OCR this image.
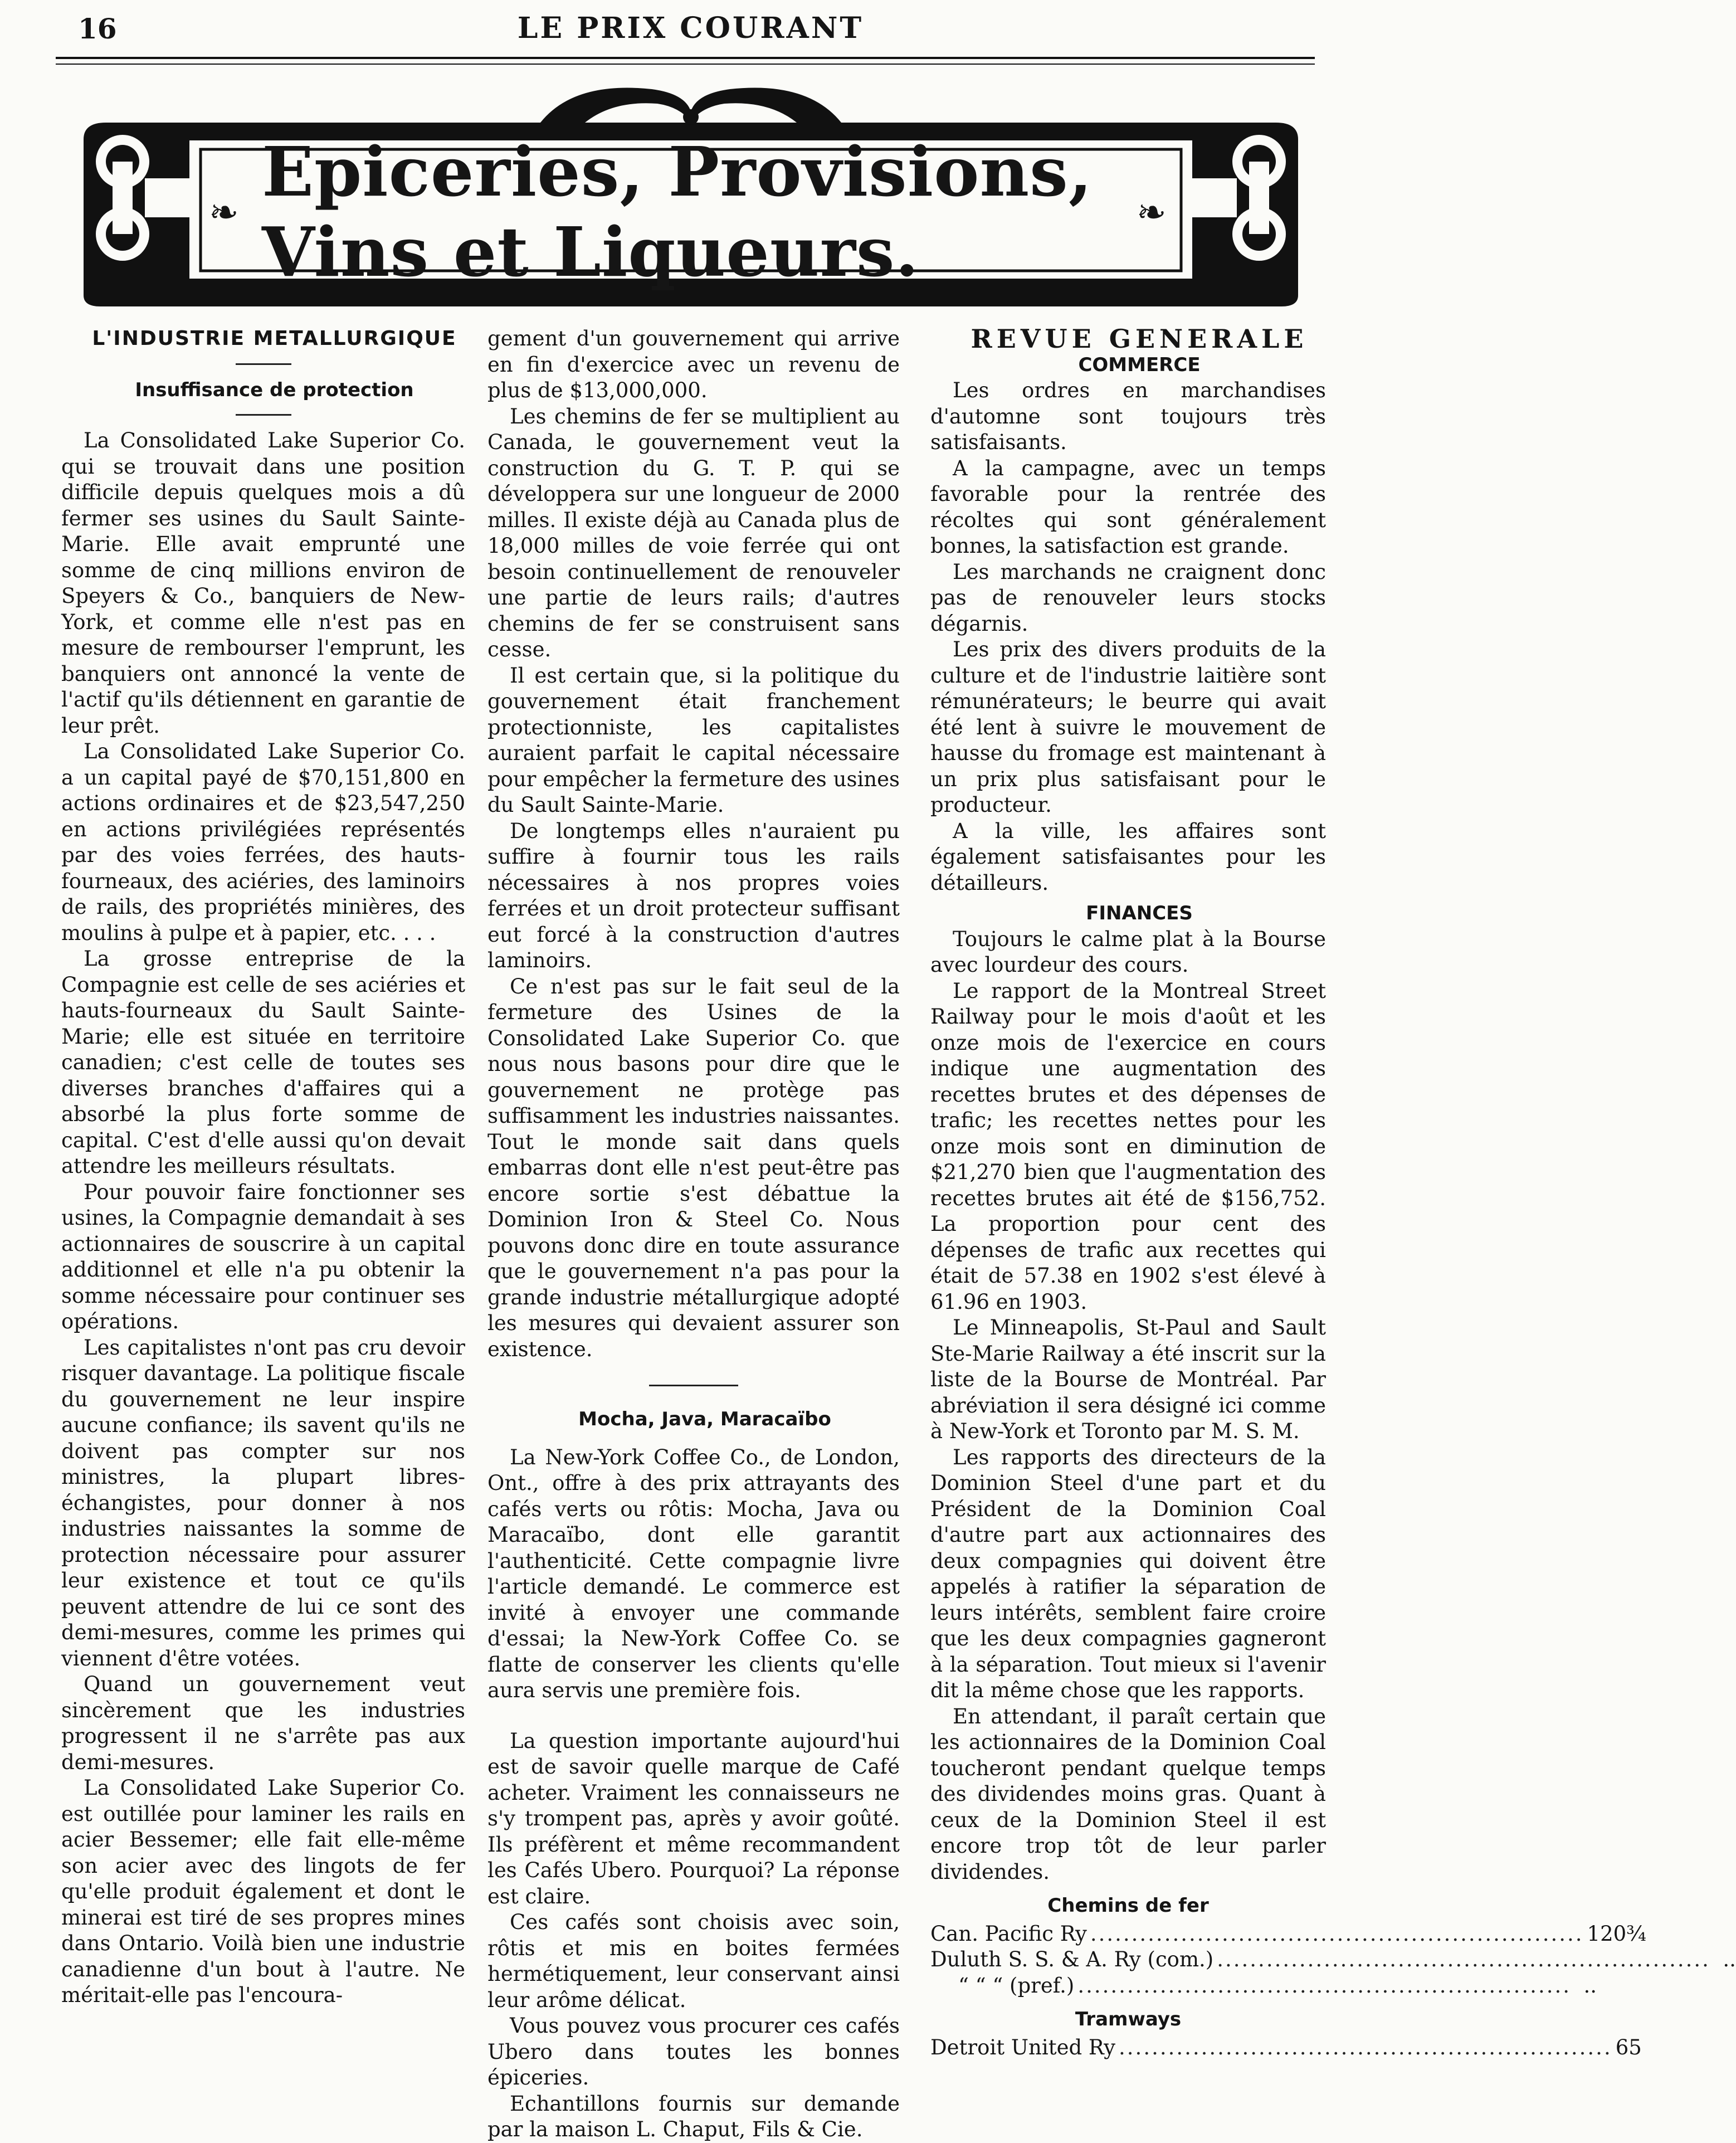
16	LE PRIX COURANT
❧
Epiceries, Provisions, Vins et Liqueurs.	❧

L'INDUSTRIE METALLURGIQUE

Insuffisance de protection

La Consolidated Lake Superior Co. qui se trouvait dans une position difficile depuis quelques mois a dû fermer ses usines du Sault Sainte-Marie. Elle avait emprunté une somme de cinq millions environ de Speyers & Co., banquiers de New-York, et comme elle n'est pas en mesure de rembourser l'emprunt, les banquiers ont annoncé la vente de l'actif qu'ils détiennent en garantie de leur prêt.

La Consolidated Lake Superior Co. a un capital payé de $70,151,800 en actions ordinaires et de $23,547,250 en actions privilégiées représentés par des voies ferrées, des hauts-fourneaux, des aciéries, des laminoirs de rails, des propriétés minières, des moulins à pulpe et à papier, etc. . . .

La grosse entreprise de la Compagnie est celle de ses aciéries et hauts-fourneaux du Sault Sainte-Marie; elle est située en territoire canadien; c'est celle de toutes ses diverses branches d'affaires qui a absorbé la plus forte somme de capital. C'est d'elle aussi qu'on devait attendre les meilleurs résultats.

Pour pouvoir faire fonctionner ses usines, la Compagnie demandait à ses actionnaires de souscrire à un capital additionnel et elle n'a pu obtenir la somme nécessaire pour continuer ses opérations.

Les capitalistes n'ont pas cru devoir risquer davantage. La politique fiscale du gouvernement ne leur inspire aucune confiance; ils savent qu'ils ne doivent pas compter sur nos ministres, la plupart libres-échangistes, pour donner à nos industries naissantes la somme de protection nécessaire pour assurer leur existence et tout ce qu'ils peuvent attendre de lui ce sont des demi-mesures, comme les primes qui viennent d'être votées.

Quand un gouvernement veut sincèrement que les industries progressent il ne s'arrête pas aux demi-mesures.

La Consolidated Lake Superior Co. est outillée pour laminer les rails en acier Bessemer; elle fait elle-même son acier avec des lingots de fer qu'elle produit également et dont le minerai est tiré de ses propres mines dans Ontario. Voilà bien une industrie canadienne d'un bout à l'autre. Ne méritait-elle pas l'encoura-

gement d'un gouvernement qui arrive en fin d'exercice avec un revenu de plus de $13,000,000.

Les chemins de fer se multiplient au Canada, le gouvernement veut la construction du G. T. P. qui se développera sur une longueur de 2000 milles. Il existe déjà au Canada plus de 18,000 milles de voie ferrée qui ont besoin continuellement de renouveler une partie de leurs rails; d'autres chemins de fer se construisent sans cesse.

Il est certain que, si la politique du gouvernement était franchement protectionniste, les capitalistes auraient parfait le capital nécessaire pour empêcher la fermeture des usines du Sault Sainte-Marie.

De longtemps elles n'auraient pu suffire à fournir tous les rails nécessaires à nos propres voies ferrées et un droit protecteur suffisant eut forcé à la construction d'autres laminoirs.

Ce n'est pas sur le fait seul de la fermeture des Usines de la Consolidated Lake Superior Co. que nous nous basons pour dire que le gouvernement ne protège pas suffisamment les industries naissantes. Tout le monde sait dans quels embarras dont elle n'est peut-être pas encore sortie s'est débattue la Dominion Iron & Steel Co. Nous pouvons donc dire en toute assurance que le gouvernement n'a pas pour la grande industrie métallurgique adopté les mesures qui devaient assurer son existence.

Mocha, Java, Maracaïbo

La New-York Coffee Co., de London, Ont., offre à des prix attrayants des cafés verts ou rôtis: Mocha, Java ou Maracaïbo, dont elle garantit l'authenticité. Cette compagnie livre l'article demandé. Le commerce est invité à envoyer une commande d'essai; la New-York Coffee Co. se flatte de conserver les clients qu'elle aura servis une première fois.

La question importante aujourd'hui est de savoir quelle marque de Café acheter. Vraiment les connaisseurs ne s'y trompent pas, après y avoir goûté. Ils préfèrent et même recommandent les Cafés Ubero. Pourquoi? La réponse est claire.

Ces cafés sont choisis avec soin, rôtis et mis en boites fermées hermétiquement, leur conservant ainsi leur arôme délicat.

Vous pouvez vous procurer ces cafés Ubero dans toutes les bonnes épiceries.

Echantillons fournis sur demande par la maison L. Chaput, Fils & Cie.

REVUE GENERALE

COMMERCE

Les ordres en marchandises d'automne sont toujours très satisfaisants.

A la campagne, avec un temps favorable pour la rentrée des récoltes qui sont généralement bonnes, la satisfaction est grande.

Les marchands ne craignent donc pas de renouveler leurs stocks dégarnis.

Les prix des divers produits de la culture et de l'industrie laitière sont rémunérateurs; le beurre qui avait été lent à suivre le mouvement de hausse du fromage est maintenant à un prix plus satisfaisant pour le producteur.

A la ville, les affaires sont également satisfaisantes pour les détailleurs.

FINANCES

Toujours le calme plat à la Bourse avec lourdeur des cours.

Le rapport de la Montreal Street Railway pour le mois d'août et les onze mois de l'exercice en cours indique une augmentation des recettes brutes et des dépenses de trafic; les recettes nettes pour les onze mois sont en diminution de $21,270 bien que l'augmentation des recettes brutes ait été de $156,752. La proportion pour cent des dépenses de trafic aux recettes qui était de 57.38 en 1902 s'est élevé à 61.96 en 1903.

Le Minneapolis, St-Paul and Sault Ste-Marie Railway a été inscrit sur la liste de la Bourse de Montréal. Par abréviation il sera désigné ici comme à New-York et Toronto par M. S. M.

Les rapports des directeurs de la Dominion Steel d'une part et du Président de la Dominion Coal d'autre part aux actionnaires des deux compagnies qui doivent être appelés à ratifier la séparation de leurs intérêts, semblent faire croire que les deux compagnies gagneront à la séparation. Tout mieux si l'avenir dit la même chose que les rapports.

En attendant, il paraît certain que les actionnaires de la Dominion Coal toucheront pendant quelque temps des dividendes moins gras. Quant à ceux de la Dominion Steel il est encore trop tôt de leur parler dividendes.

Chemins de fer
Can. Pacific Ry ............................................................ 120¾
Duluth S. S. & A. Ry (com.) ............................................................ ..
“ “ “ (pref.) ............................................................ ..
Tramways
Detroit United Ry ............................................................ 65
